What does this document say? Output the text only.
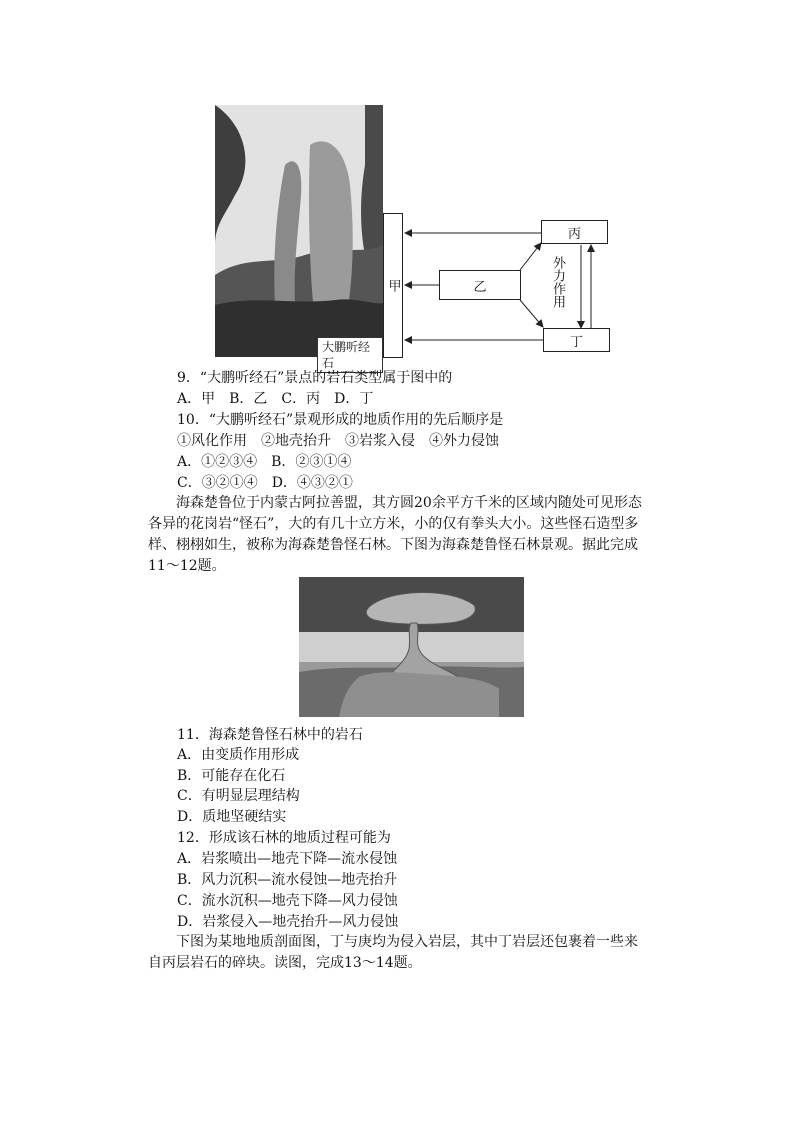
大鹏听经石
甲	乙
丙
丁
外力作用
9．“大鹏听经石”景点的岩石类型属于图中的
A．甲　B．乙　C．丙　D．丁
10．“大鹏听经石”景观形成的地质作用的先后顺序是
①风化作用　②地壳抬升　③岩浆入侵　④外力侵蚀
A．①②③④　B．②③①④
C．③②①④　D．④③②①
海森楚鲁位于内蒙古阿拉善盟，其方圆20余平方千米的区域内随处可见形态各异的花岗岩“怪石”，大的有几十立方米，小的仅有拳头大小。这些怪石造型多样、栩栩如生，被称为海森楚鲁怪石林。下图为海森楚鲁怪石林景观。据此完成11～12题。
11．海森楚鲁怪石林中的岩石
A．由变质作用形成
B．可能存在化石
C．有明显层理结构
D．质地坚硬结实
12．形成该石林的地质过程可能为
A．岩浆喷出—地壳下降—流水侵蚀
B．风力沉积—流水侵蚀—地壳抬升
C．流水沉积—地壳下降—风力侵蚀
D．岩浆侵入—地壳抬升—风力侵蚀
下图为某地地质剖面图，丁与庚均为侵入岩层，其中丁岩层还包裹着一些来自丙层岩石的碎块。读图，完成13～14题。
